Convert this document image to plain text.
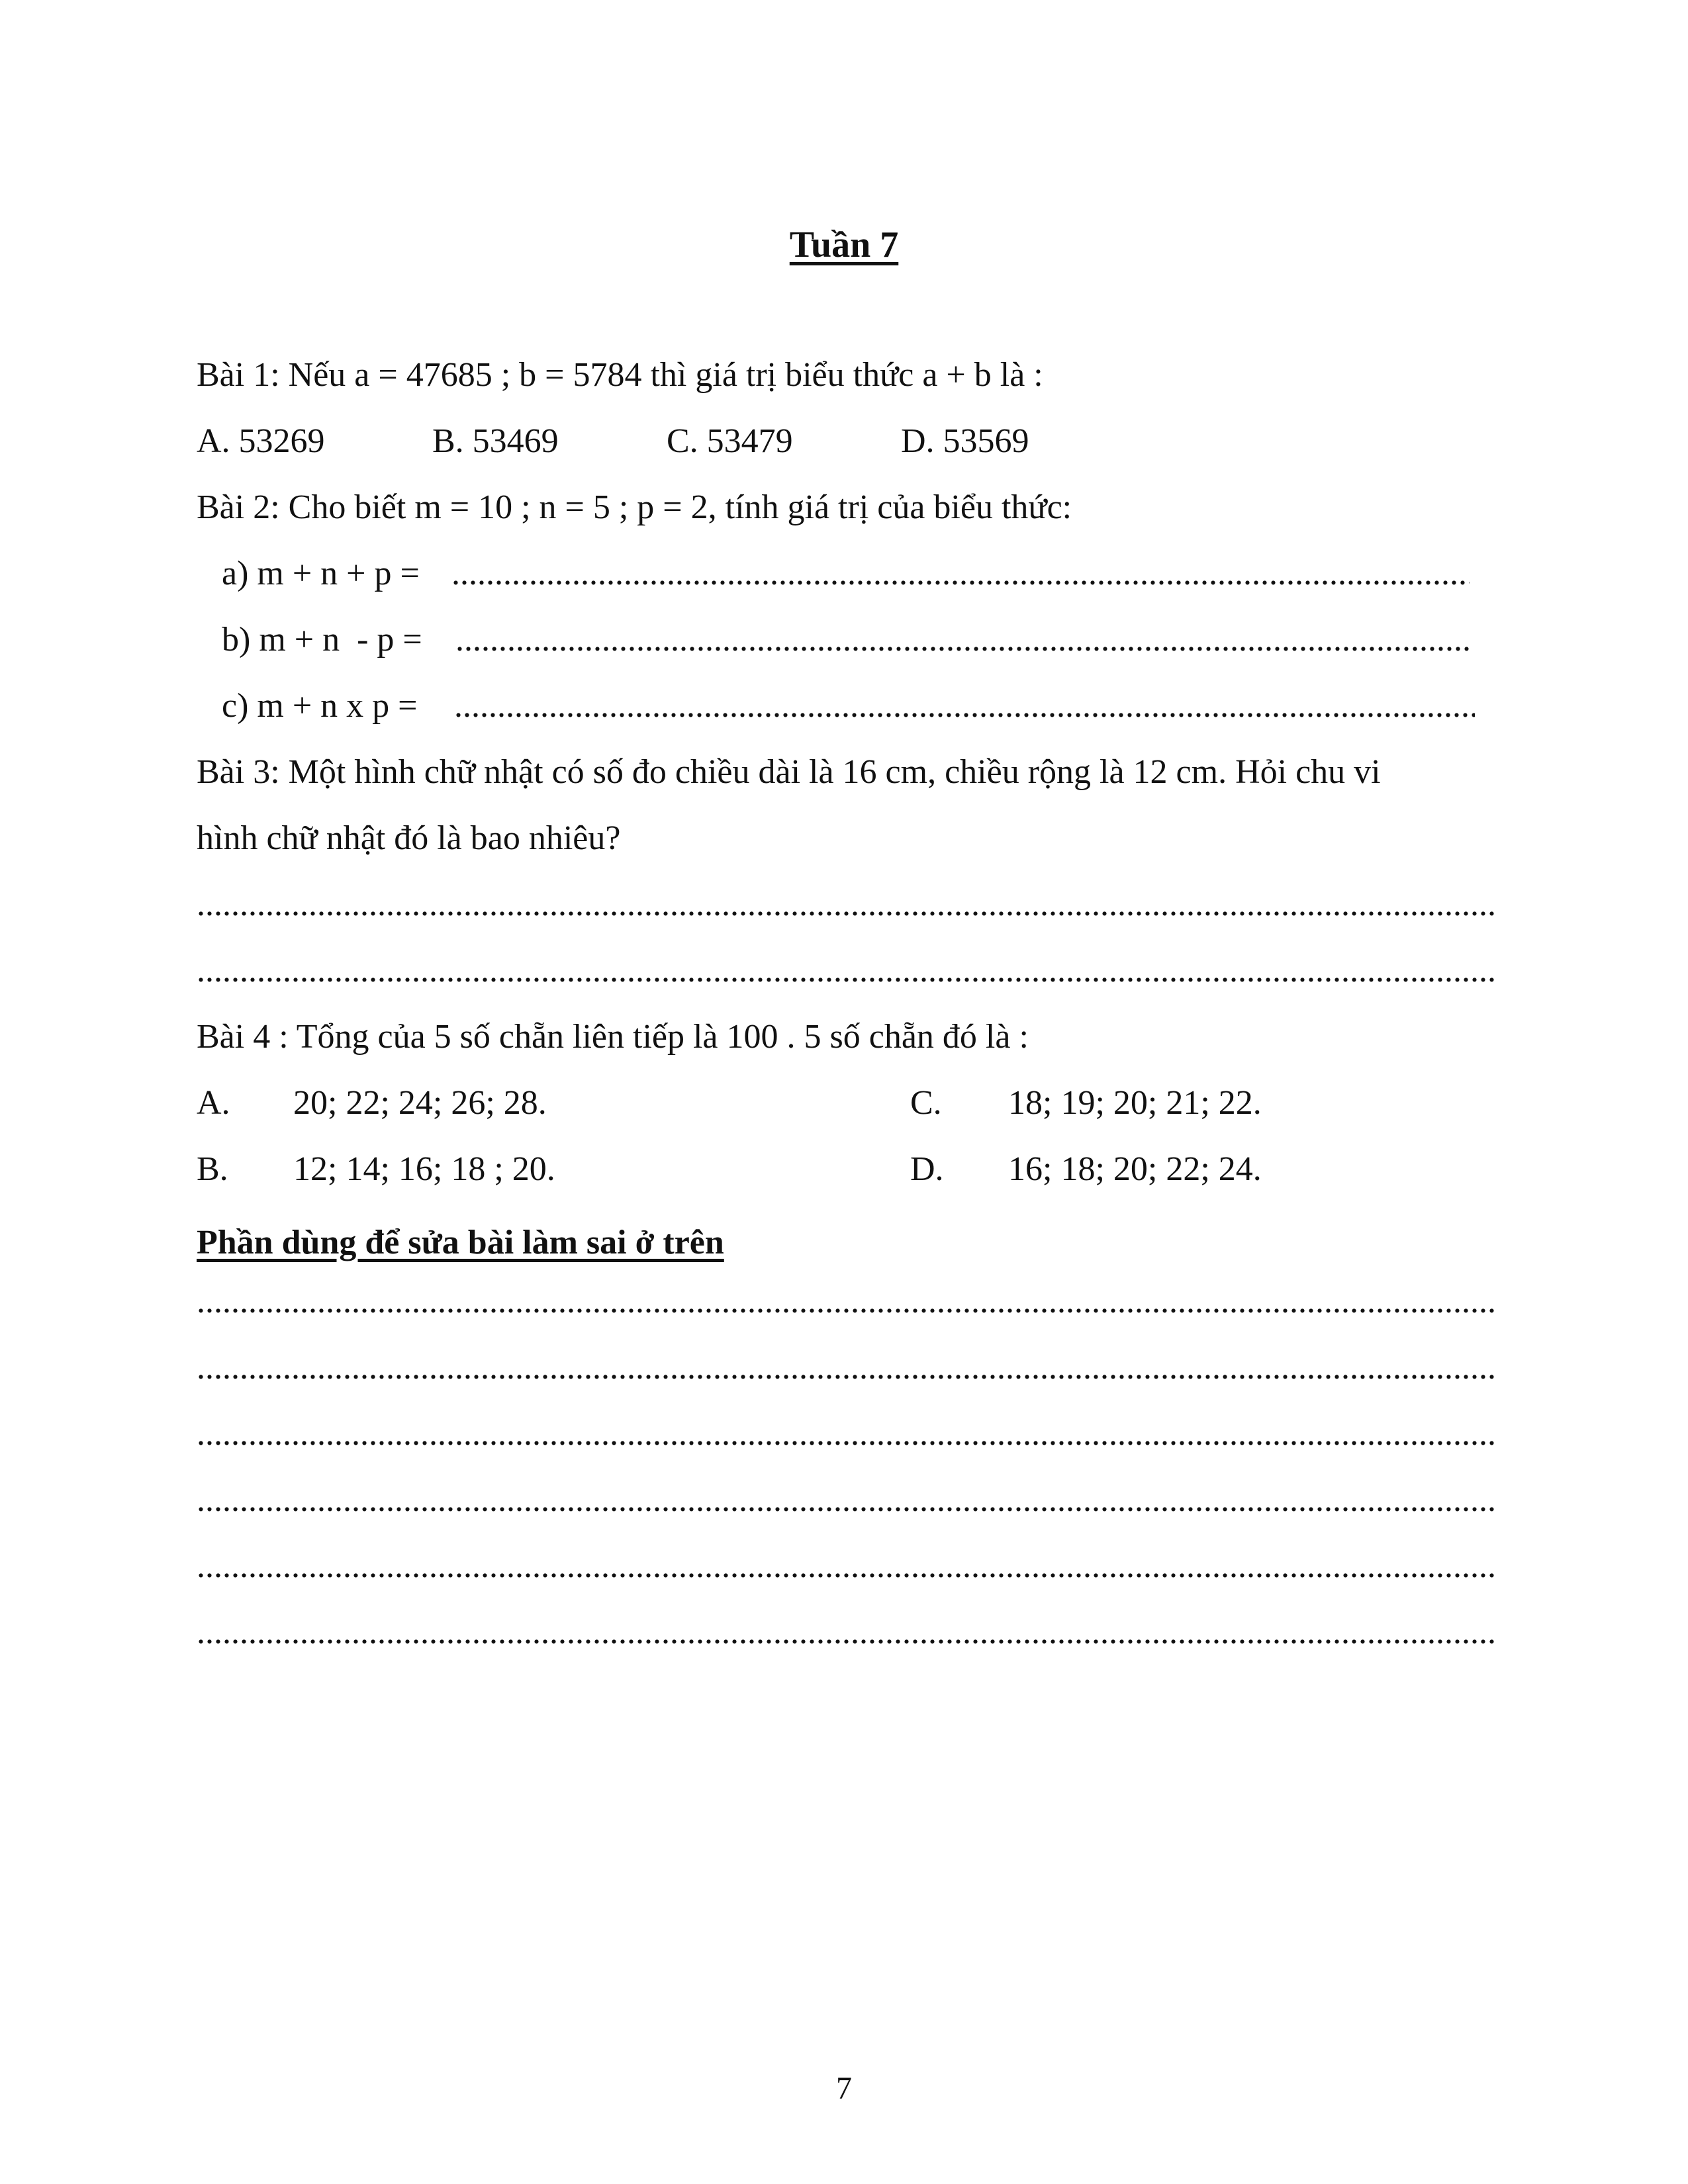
Tuần 7
Bài 1: Nếu a = 47685 ; b = 5784 thì giá trị biểu thức a + b là :
A. 53269	B. 53469	C. 53479	D. 53569
Bài 2: Cho biết m = 10 ; n = 5 ; p = 2, tính giá trị của biểu thức:
a) m + n + p =
.....
b) m + n  - p =
.....
c) m + n x p =
.....
Bài 3: Một hình chữ nhật có số đo chiều dài là 16 cm, chiều rộng là 12 cm. Hỏi chu vi
hình chữ nhật đó là bao nhiêu?
.....
.....
Bài 4 : Tổng của 5 số chẵn liên tiếp là 100 . 5 số chẵn đó là :
A. 20; 22; 24; 26; 28.	C. 18; 19; 20; 21; 22.
B. 12; 14; 16; 18 ; 20.	D. 16; 18; 20; 22; 24.
Phần dùng để sửa bài làm sai ở trên
.....
.....
.....
.....
.....
.....
7
